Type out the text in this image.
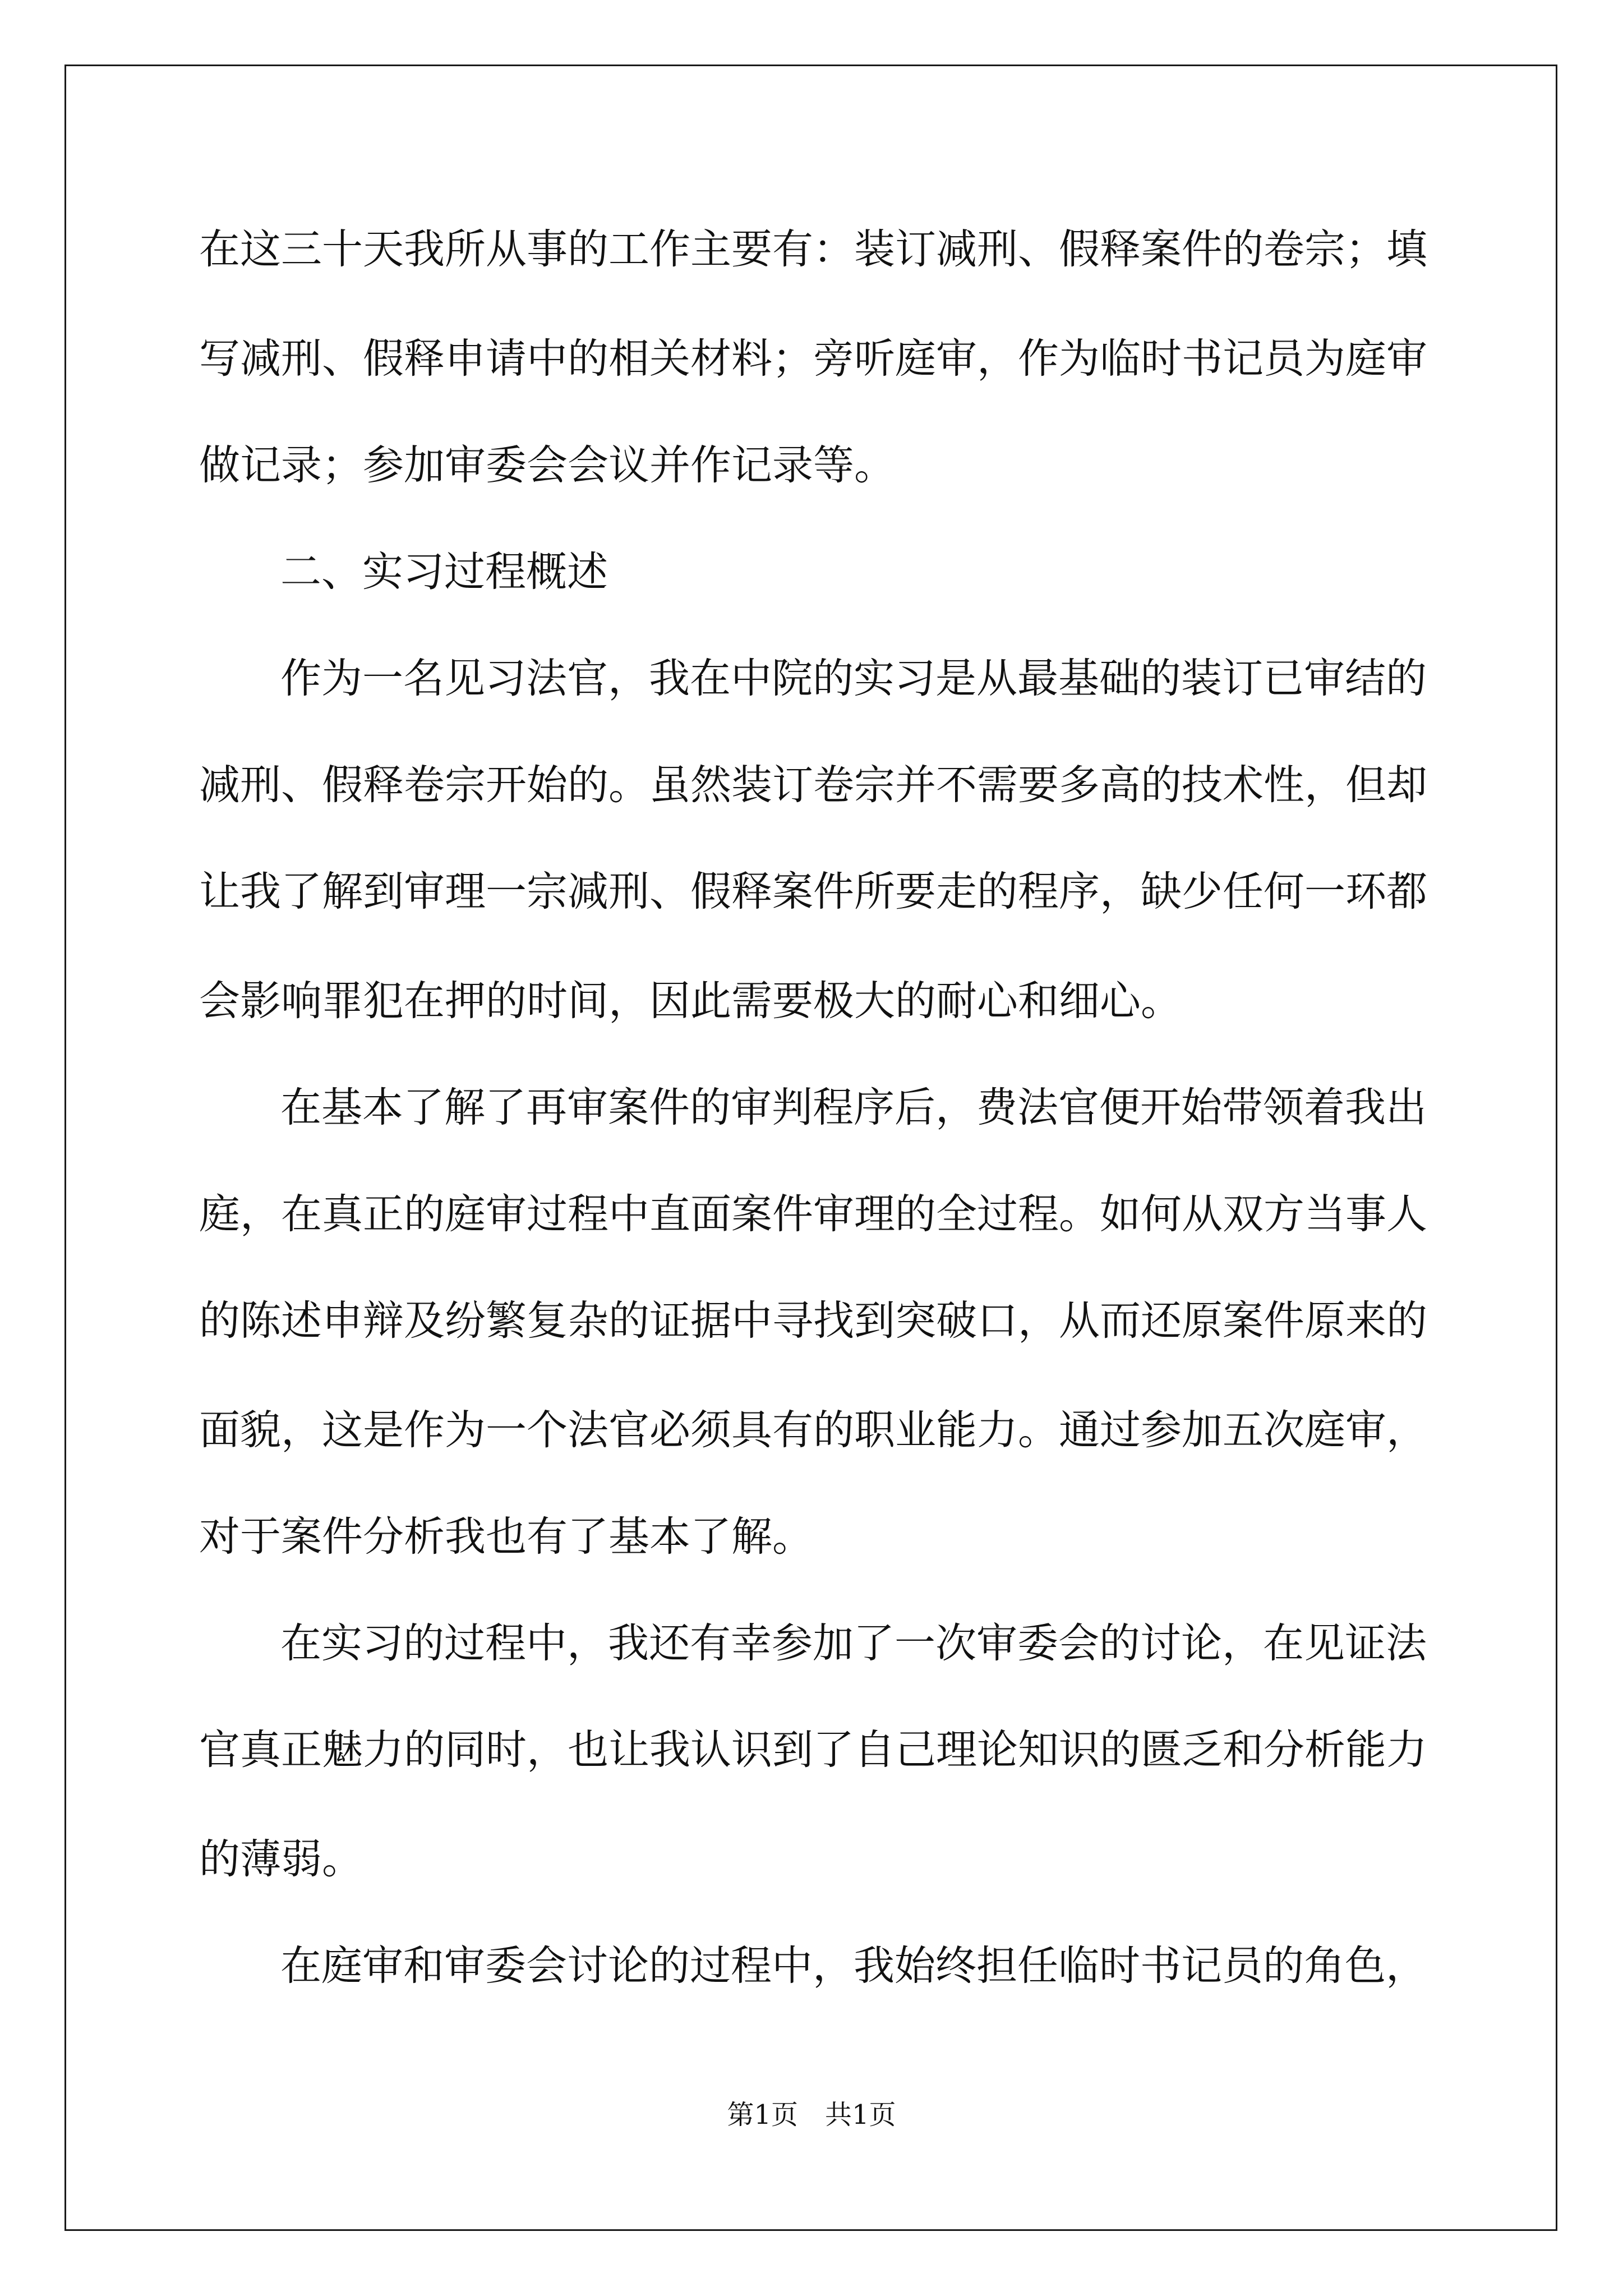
在这三十天我所从事的工作主要有：装订减刑、假释案件的卷宗；填
写减刑、假释申请中的相关材料；旁听庭审，作为临时书记员为庭审
做记录；参加审委会会议并作记录等。
二、实习过程概述
作为一名见习法官，我在中院的实习是从最基础的装订已审结的
减刑、假释卷宗开始的。虽然装订卷宗并不需要多高的技术性，但却
让我了解到审理一宗减刑、假释案件所要走的程序，缺少任何一环都
会影响罪犯在押的时间，因此需要极大的耐心和细心。
在基本了解了再审案件的审判程序后，费法官便开始带领着我出
庭，在真正的庭审过程中直面案件审理的全过程。如何从双方当事人
的陈述申辩及纷繁复杂的证据中寻找到突破口，从而还原案件原来的
面貌，这是作为一个法官必须具有的职业能力。通过参加五次庭审，
对于案件分析我也有了基本了解。
在实习的过程中，我还有幸参加了一次审委会的讨论，在见证法
官真正魅力的同时，也让我认识到了自己理论知识的匮乏和分析能力
的薄弱。
在庭审和审委会讨论的过程中，我始终担任临时书记员的角色，
第1页　共1页
